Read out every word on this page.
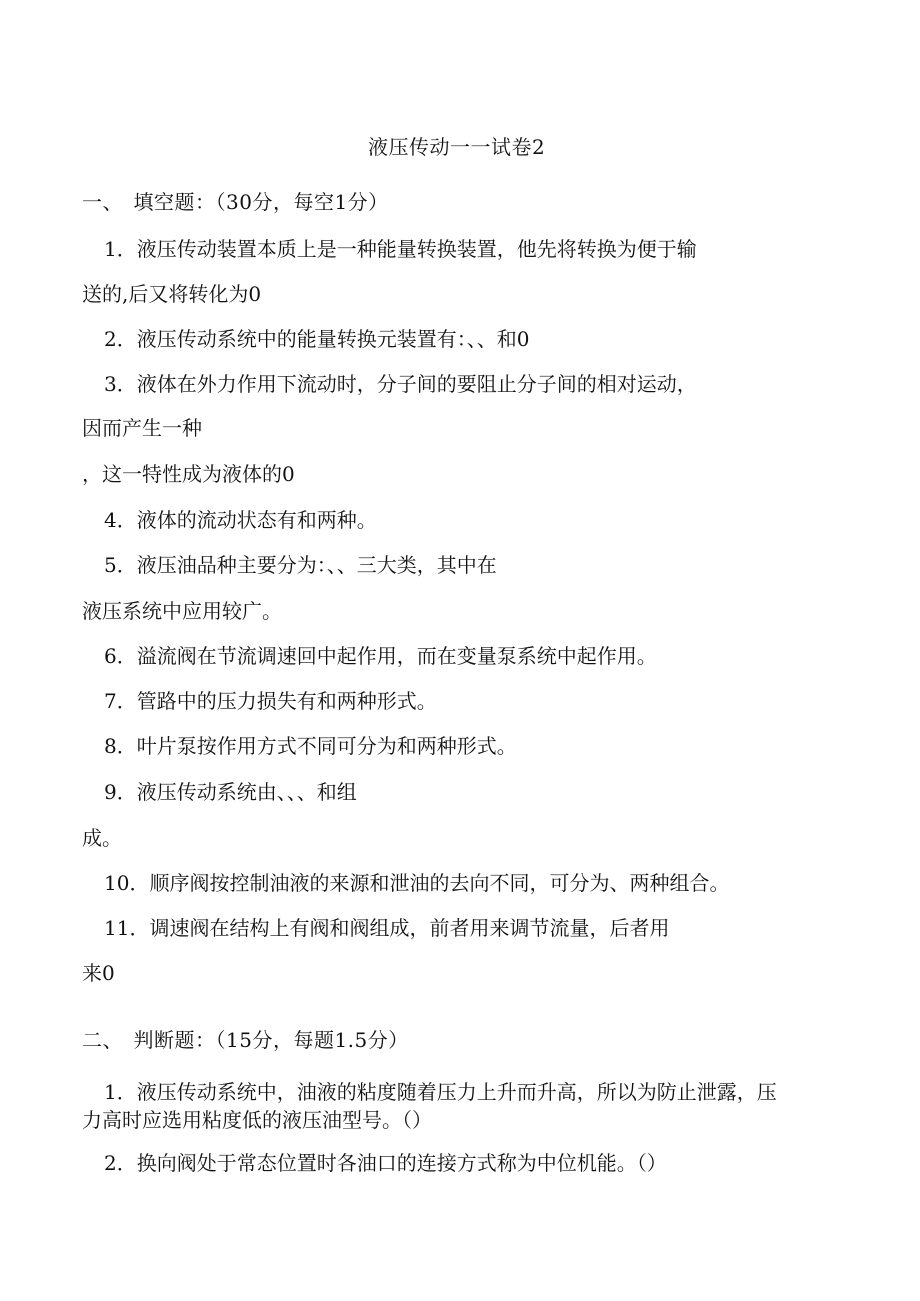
液压传动一一试卷2
一、　填空题：（30分，每空1分）
1．液压传动装置本质上是一种能量转换装置，他先将转换为便于输
送的,后又将转化为0
2．液压传动系统中的能量转换元装置有：、、和0
3．液体在外力作用下流动时，分子间的要阻止分子间的相对运动，
因而产生一种
，这一特性成为液体的0
4．液体的流动状态有和两种。
5．液压油品种主要分为：、、三大类，其中在
液压系统中应用较广。
6．溢流阀在节流调速回中起作用，而在变量泵系统中起作用。
7．管路中的压力损失有和两种形式。
8．叶片泵按作用方式不同可分为和两种形式。
9．液压传动系统由、、、和组
成。
10．顺序阀按控制油液的来源和泄油的去向不同，可分为、两种组合。
11．调速阀在结构上有阀和阀组成，前者用来调节流量，后者用
来0
二、　判断题：（15分，每题1.5分）
1．液压传动系统中，油液的粘度随着压力上升而升高，所以为防止泄露，压
力高时应选用粘度低的液压油型号。（）
2．换向阀处于常态位置时各油口的连接方式称为中位机能。（）
